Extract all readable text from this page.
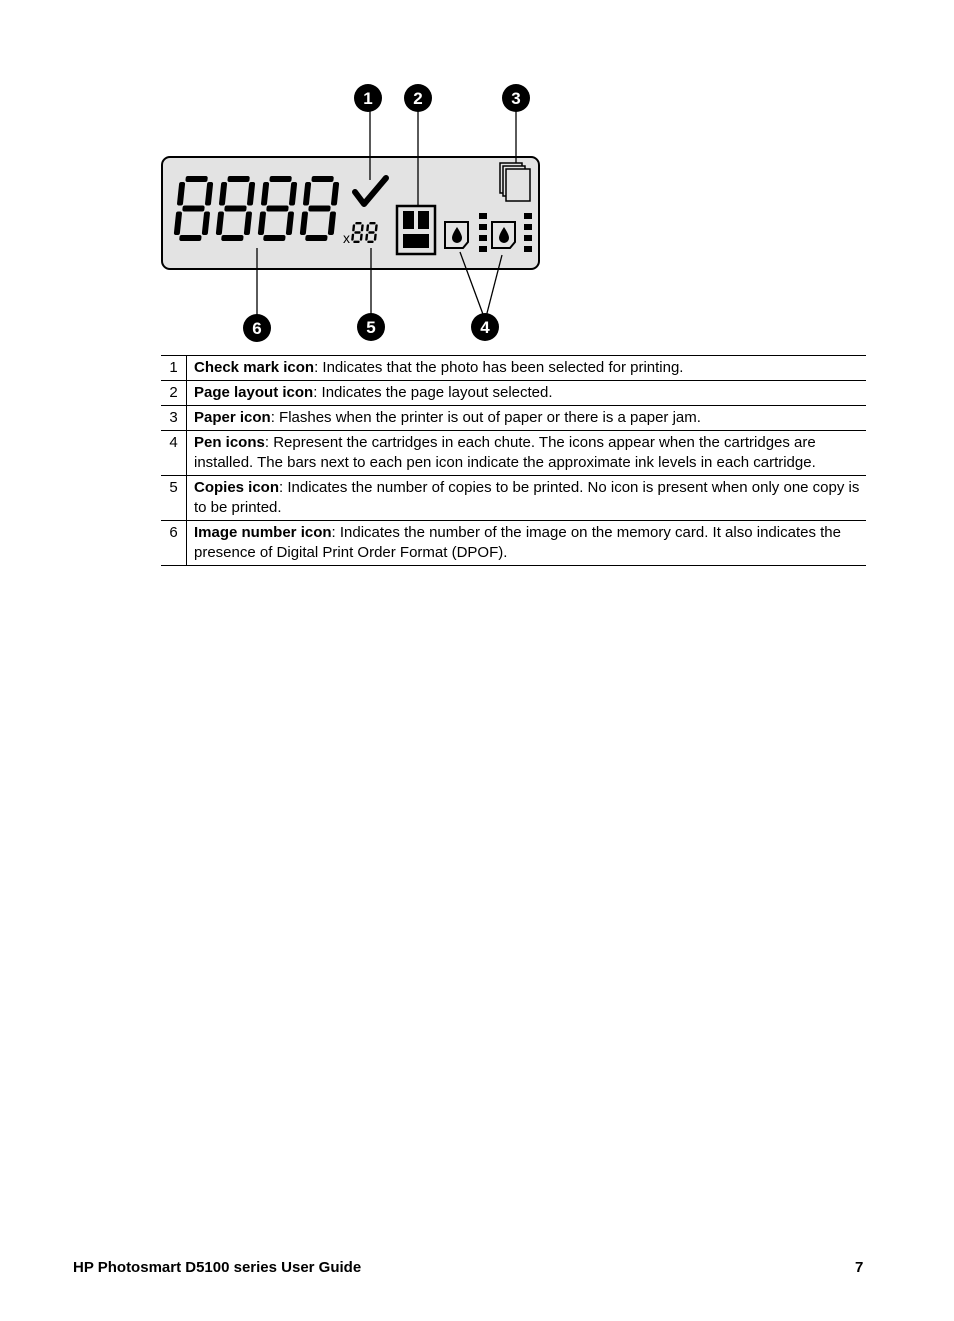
x
1 2	3
4
5
6
1	Check mark icon: Indicates that the photo has been selected for printing.
2	Page layout icon: Indicates the page layout selected.
3	Paper icon: Flashes when the printer is out of paper or there is a paper jam.
4	Pen icons: Represent the cartridges in each chute. The icons appear when the cartridges are installed. The bars next to each pen icon indicate the approximate ink levels in each cartridge.
5	Copies icon: Indicates the number of copies to be printed. No icon is present when only one copy is to be printed.
6	Image number icon: Indicates the number of the image on the memory card. It also indicates the presence of Digital Print Order Format (DPOF).
HP Photosmart D5100 series User Guide	7
